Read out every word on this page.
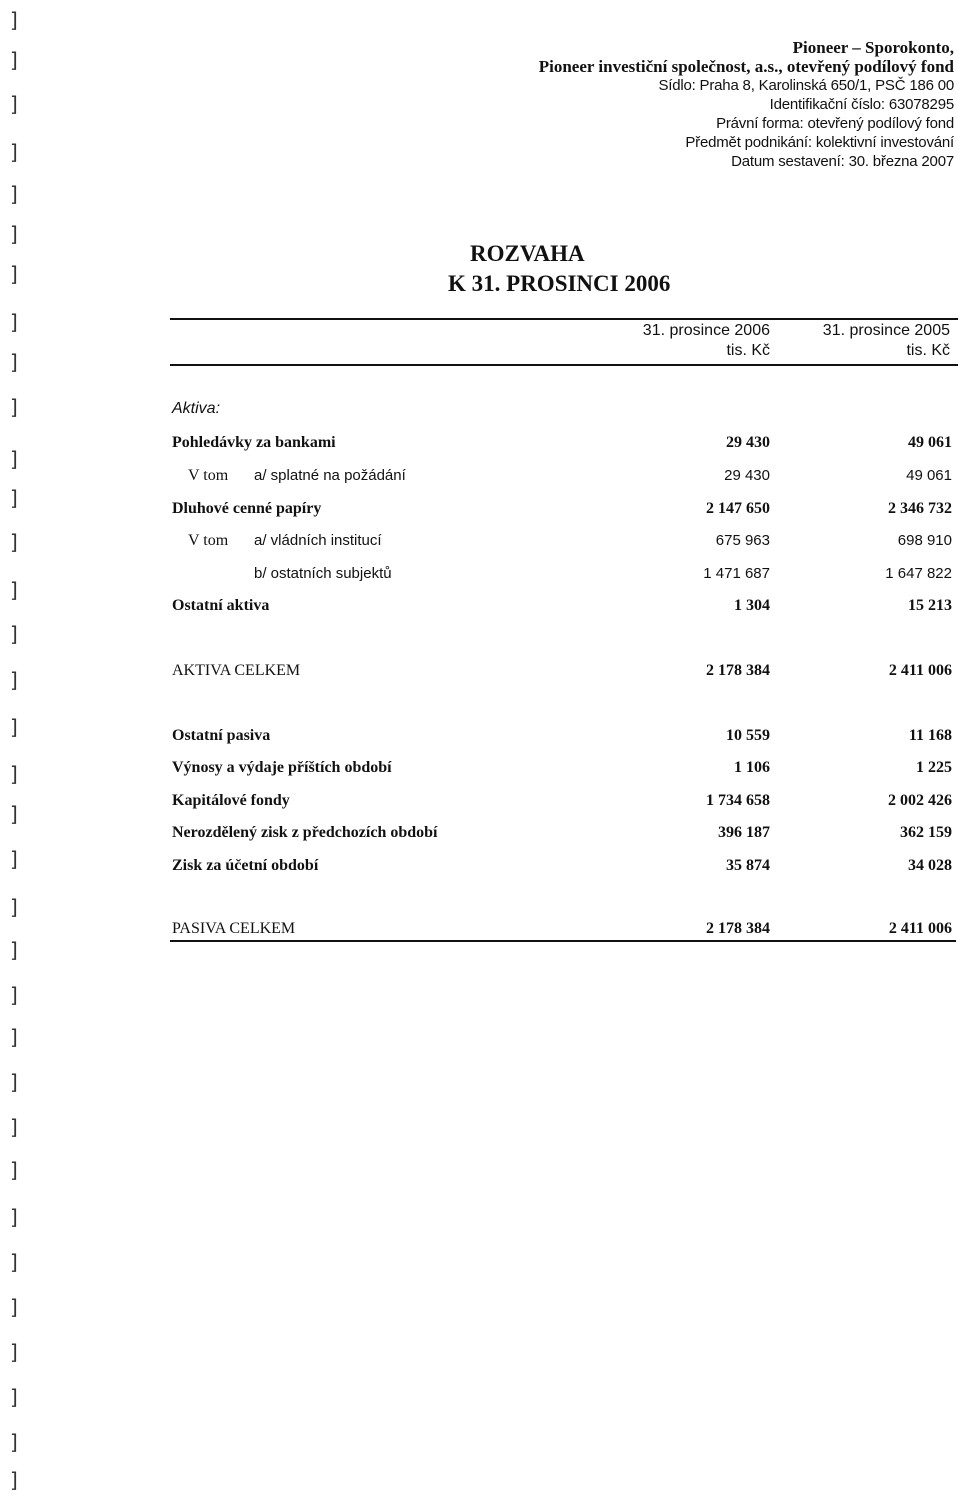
]
]
]
]
]
]
]
]
]
]
]
]
]
]
]
]
]
]
]
]
]
]
]
]
]
]
]
]
]
]
]
]
]
]
Pioneer – Sporokonto,
Pioneer investiční společnost, a.s., otevřený podílový fond
Sídlo: Praha 8, Karolinská 650/1, PSČ 186 00
Identifikační číslo: 63078295
Právní forma: otevřený podílový fond
Předmět podnikání: kolektivní investování
Datum sestavení: 30. března 2007
ROZVAHA
K 31. PROSINCI 2006
31. prosince 2006
tis. Kč
31. prosince 2005
tis. Kč
Aktiva:
Pohledávky za bankami	29 430	49 061
V tom a/ splatné na požádání	29 430	49 061
Dluhové cenné papíry	2 147 650	2 346 732
V tom a/ vládních institucí	675 963	698 910
b/ ostatních subjektů	1 471 687	1 647 822
Ostatní aktiva	1 304	15 213
AKTIVA CELKEM	2 178 384	2 411 006
Ostatní pasiva	10 559	11 168
Výnosy a výdaje příštích období	1 106	1 225
Kapitálové fondy	1 734 658	2 002 426
Nerozdělený zisk z předchozích období	396 187	362 159
Zisk za účetní období	35 874	34 028
PASIVA CELKEM	2 178 384	2 411 006
